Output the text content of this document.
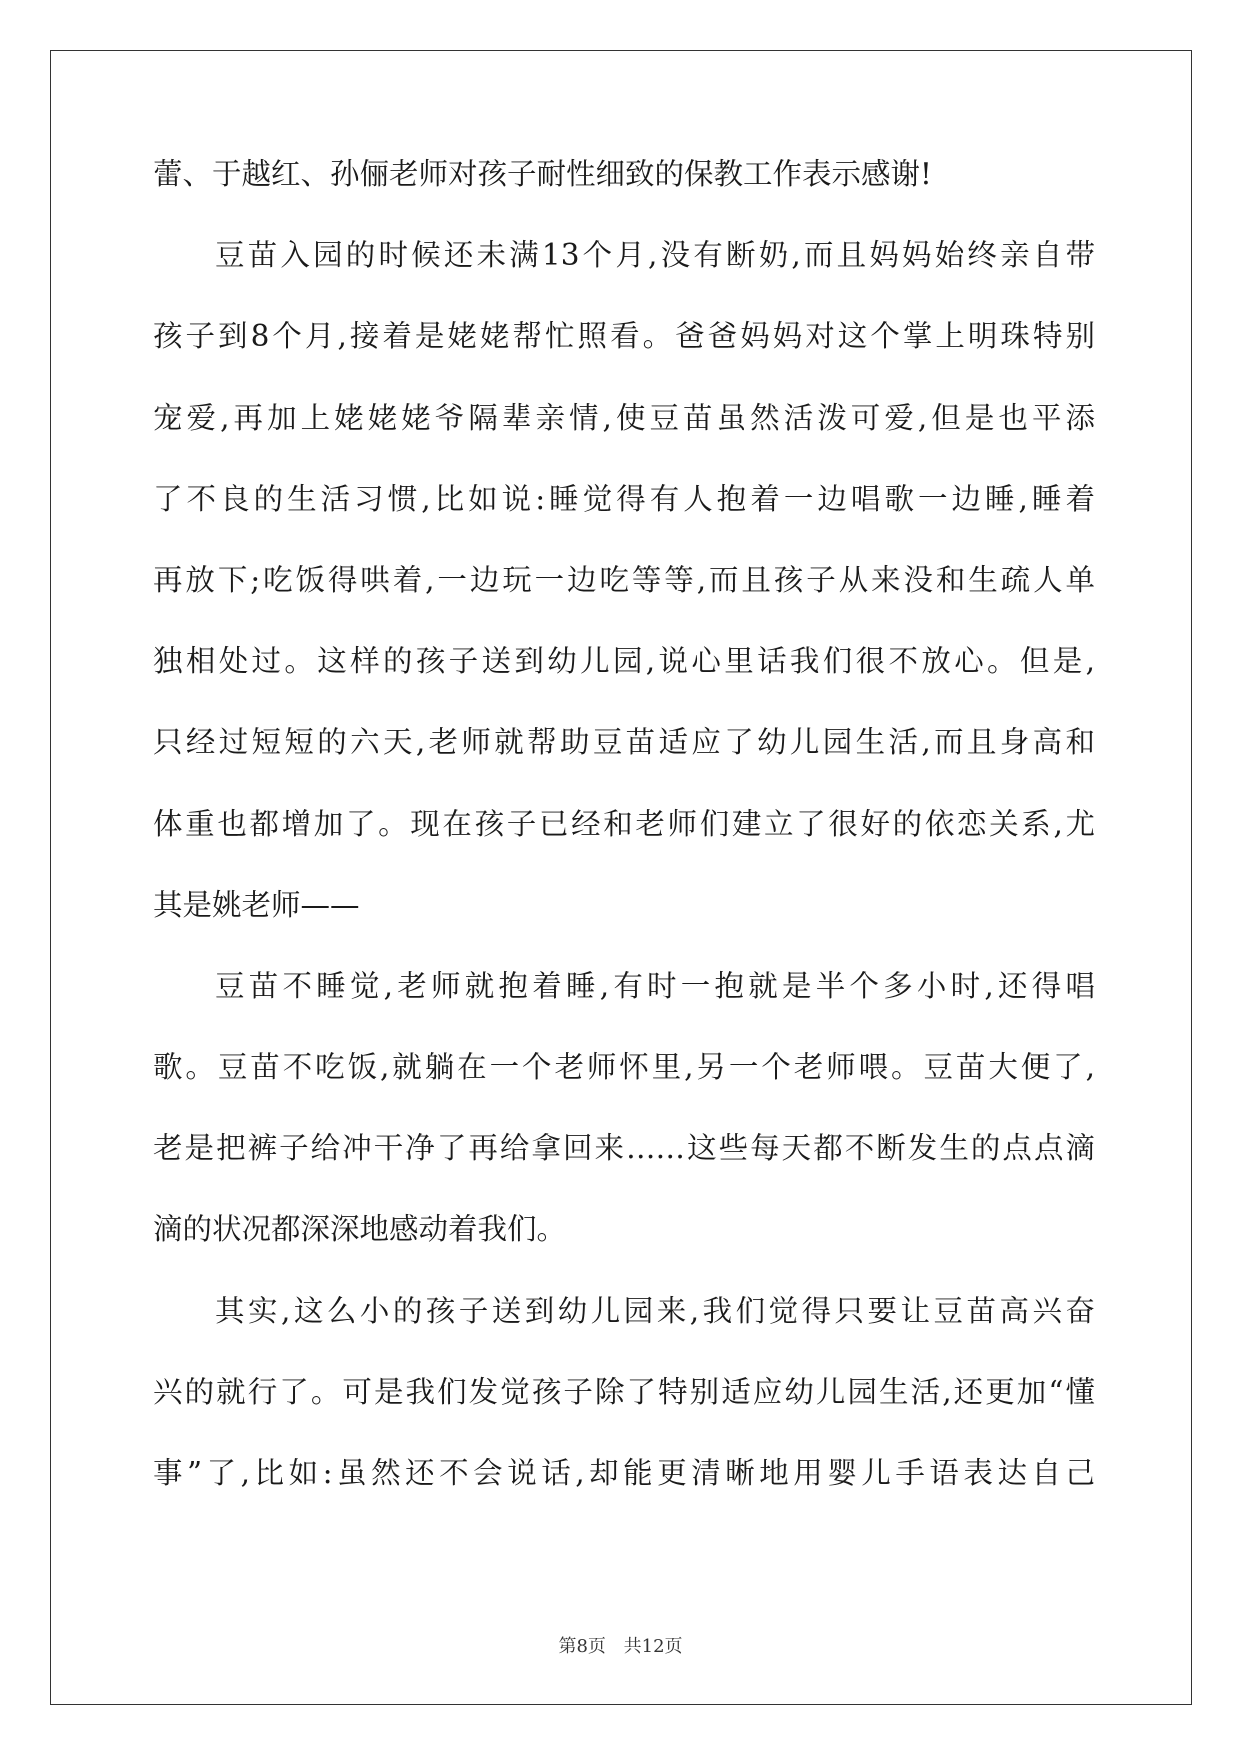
蕾、于越红、孙俪老师对孩子耐性细致的保教工作表示感谢!
豆苗入园的时候还未满13个月,没有断奶,而且妈妈始终亲自带
孩子到8个月,接着是姥姥帮忙照看。爸爸妈妈对这个掌上明珠特别
宠爱,再加上姥姥姥爷隔辈亲情,使豆苗虽然活泼可爱,但是也平添
了不良的生活习惯,比如说:睡觉得有人抱着一边唱歌一边睡,睡着
再放下;吃饭得哄着,一边玩一边吃等等,而且孩子从来没和生疏人单
独相处过。这样的孩子送到幼儿园,说心里话我们很不放心。但是,
只经过短短的六天,老师就帮助豆苗适应了幼儿园生活,而且身高和
体重也都增加了。现在孩子已经和老师们建立了很好的依恋关系,尤
其是姚老师——
豆苗不睡觉,老师就抱着睡,有时一抱就是半个多小时,还得唱
歌。豆苗不吃饭,就躺在一个老师怀里,另一个老师喂。豆苗大便了,
老是把裤子给冲干净了再给拿回来……这些每天都不断发生的点点滴
滴的状况都深深地感动着我们。
其实,这么小的孩子送到幼儿园来,我们觉得只要让豆苗高兴奋
兴的就行了。可是我们发觉孩子除了特别适应幼儿园生活,还更加“懂
事”了,比如:虽然还不会说话,却能更清晰地用婴儿手语表达自己
第8页 共12页
